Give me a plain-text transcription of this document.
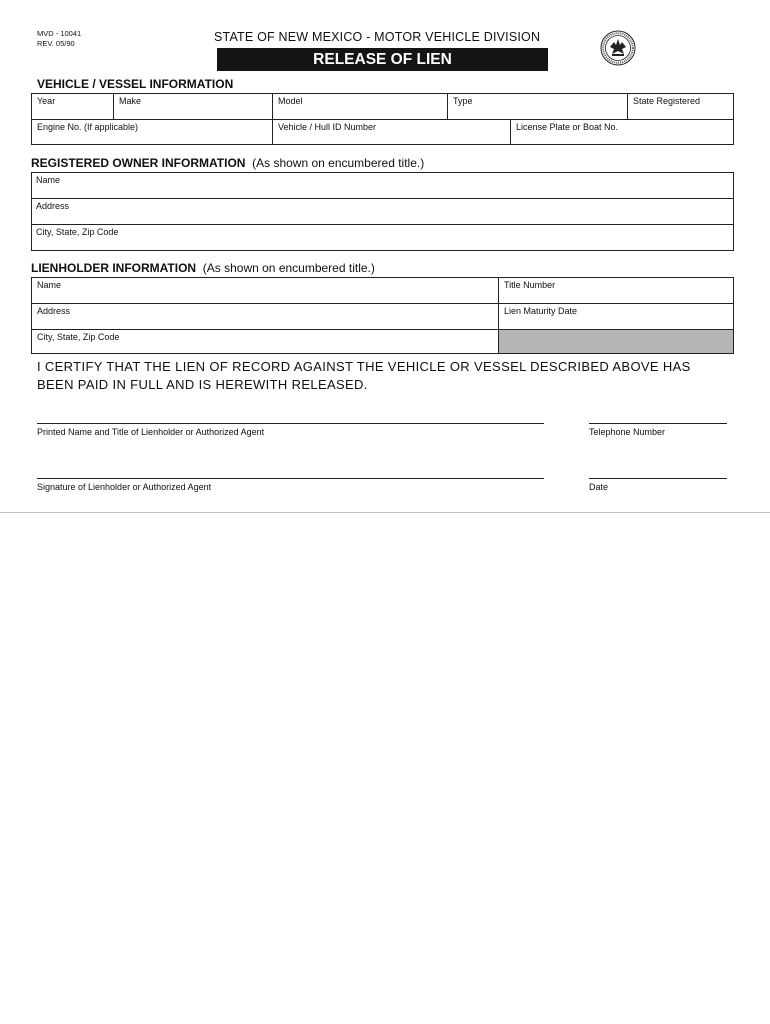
MVD - 10041
REV. 05/90	STATE OF NEW MEXICO - MOTOR VEHICLE DIVISION
RELEASE OF LIEN
VEHICLE / VESSEL INFORMATION
Year	Make	Model	Type	State Registered
Engine No. (If applicable)	Vehicle / Hull ID Number	License Plate or Boat No.
REGISTERED OWNER INFORMATION (As shown on encumbered title.)
Name
Address
City, State, Zip Code
LIENHOLDER INFORMATION (As shown on encumbered title.)
Name	Title Number
Address	Lien Maturity Date
City, State, Zip Code
I CERTIFY THAT THE LIEN OF RECORD AGAINST THE VEHICLE OR VESSEL DESCRIBED ABOVE HAS BEEN PAID IN FULL AND IS HEREWITH RELEASED.
Printed Name and Title of Lienholder or Authorized Agent	Telephone Number
Signature of Lienholder or Authorized Agent	Date
